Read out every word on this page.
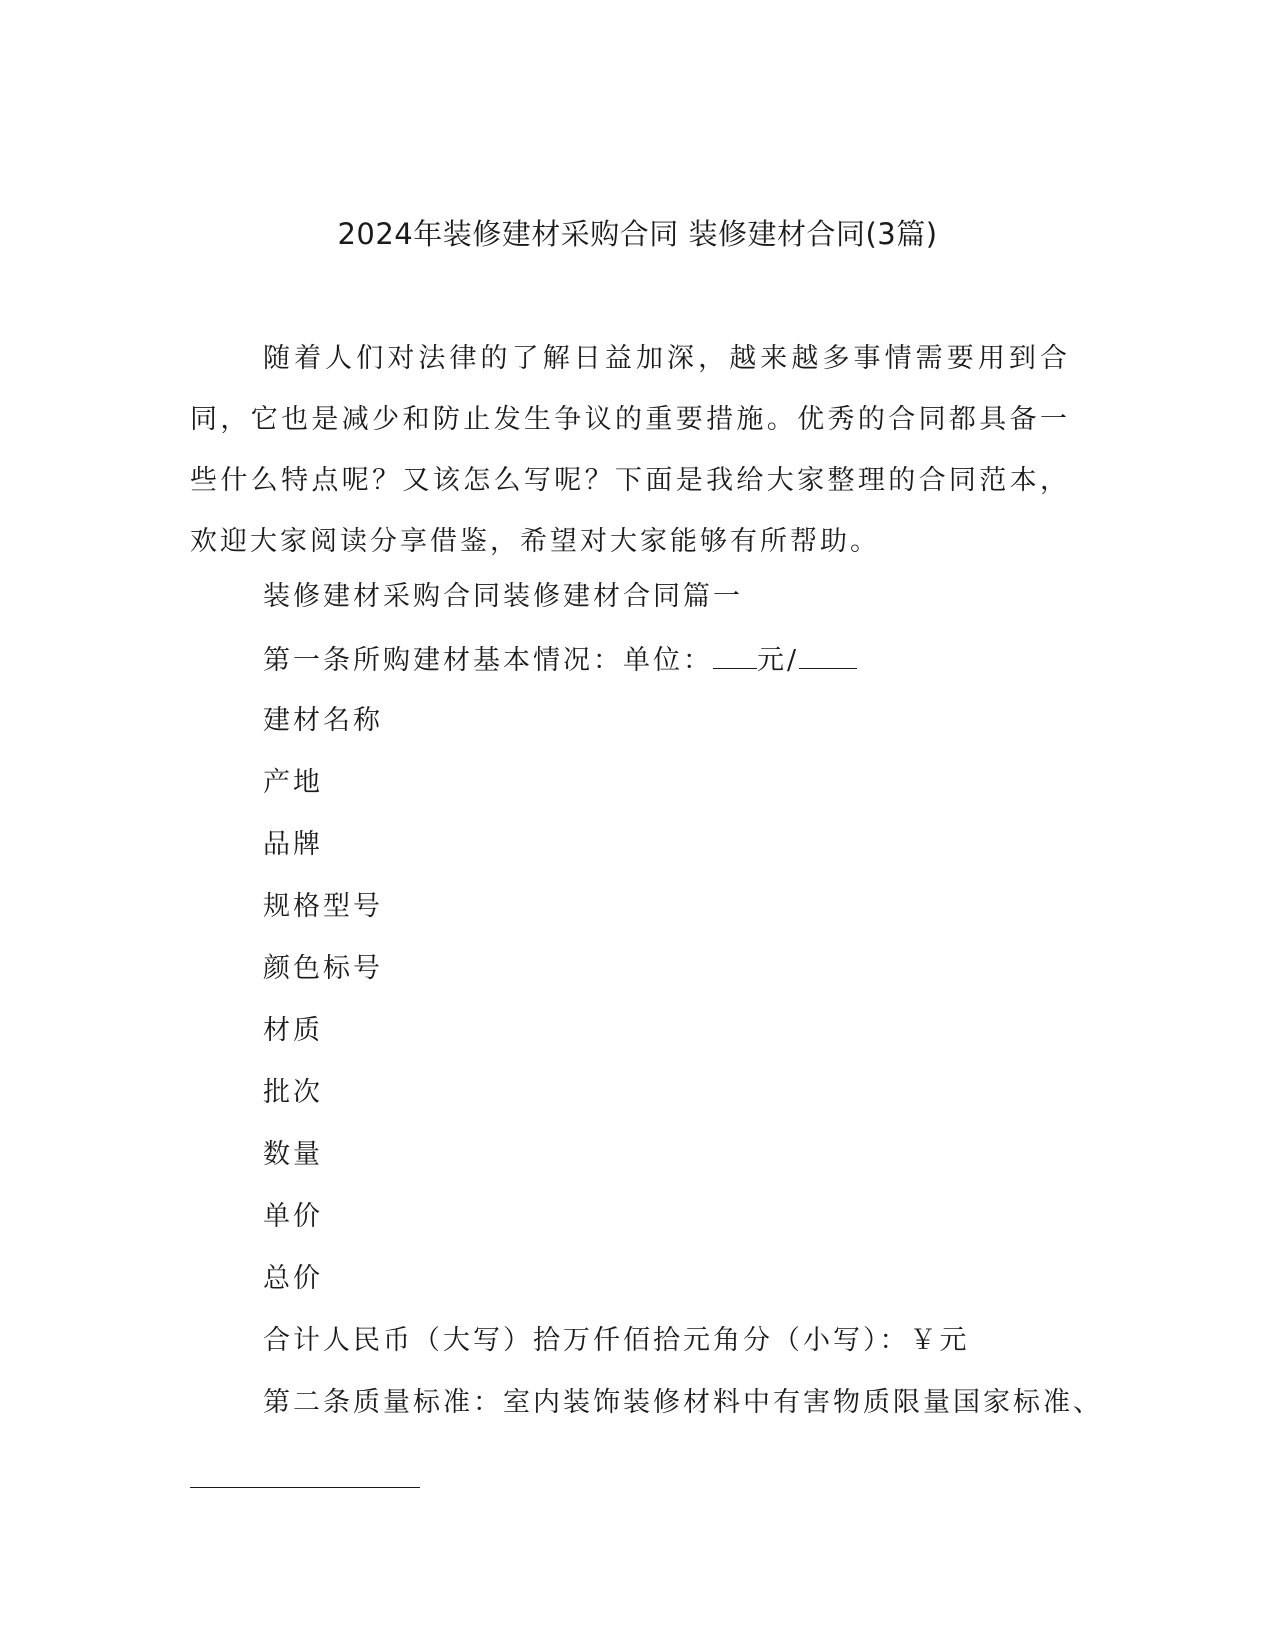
2024年装修建材采购合同 装修建材合同(3篇)

随着人们对法律的了解日益加深，越来越多事情需要用到合同，它也是减少和防止发生争议的重要措施。优秀的合同都具备一些什么特点呢？又该怎么写呢？下面是我给大家整理的合同范本，欢迎大家阅读分享借鉴，希望对大家能够有所帮助。

装修建材采购合同装修建材合同篇一
第一条所购建材基本情况：单位： 元/
建材名称
产地
品牌
规格型号
颜色标号
材质
批次
数量
单价
总价
合计人民币（大写）拾万仟佰拾元角分（小写）：￥元
第二条质量标准：室内装饰装修材料中有害物质限量国家标准、
